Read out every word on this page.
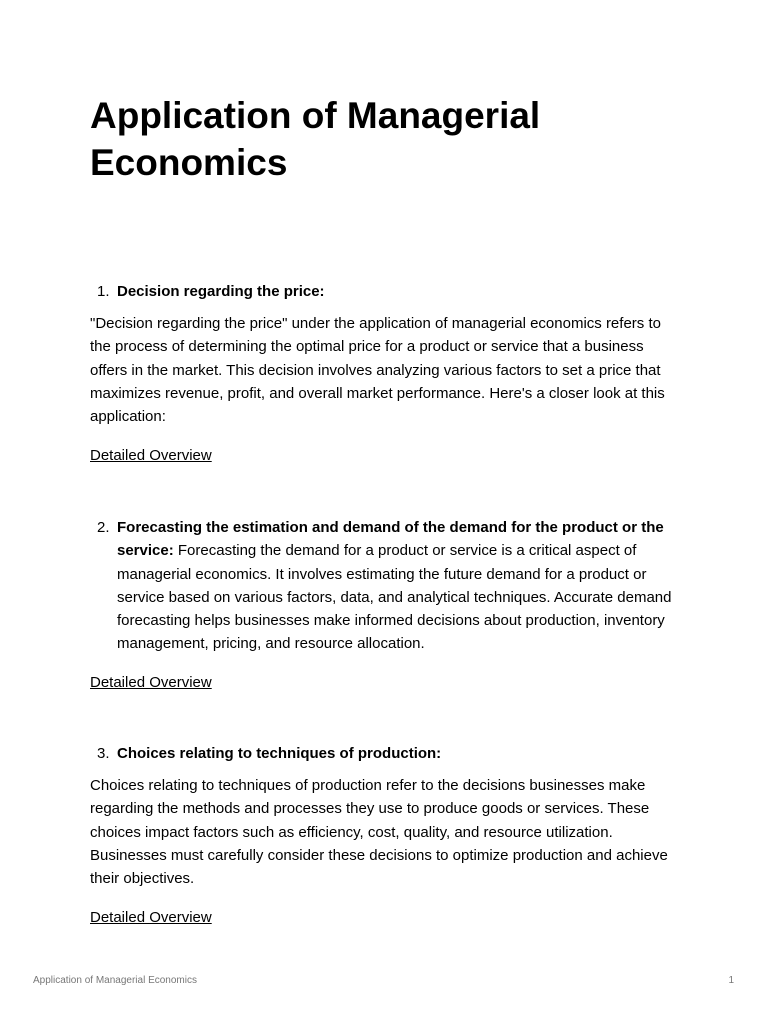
Application of Managerial Economics
1. Decision regarding the price:

"Decision regarding the price" under the application of managerial economics refers to the process of determining the optimal price for a product or service that a business offers in the market. This decision involves analyzing various factors to set a price that maximizes revenue, profit, and overall market performance. Here's a closer look at this application:

Detailed Overview
2. Forecasting the estimation and demand of the demand for the product or the service: Forecasting the demand for a product or service is a critical aspect of managerial economics. It involves estimating the future demand for a product or service based on various factors, data, and analytical techniques. Accurate demand forecasting helps businesses make informed decisions about production, inventory management, pricing, and resource allocation.
Detailed Overview
3. Choices relating to techniques of production:

Choices relating to techniques of production refer to the decisions businesses make regarding the methods and processes they use to produce goods or services. These choices impact factors such as efficiency, cost, quality, and resource utilization. Businesses must carefully consider these decisions to optimize production and achieve their objectives.

Detailed Overview
Application of Managerial Economics	1
